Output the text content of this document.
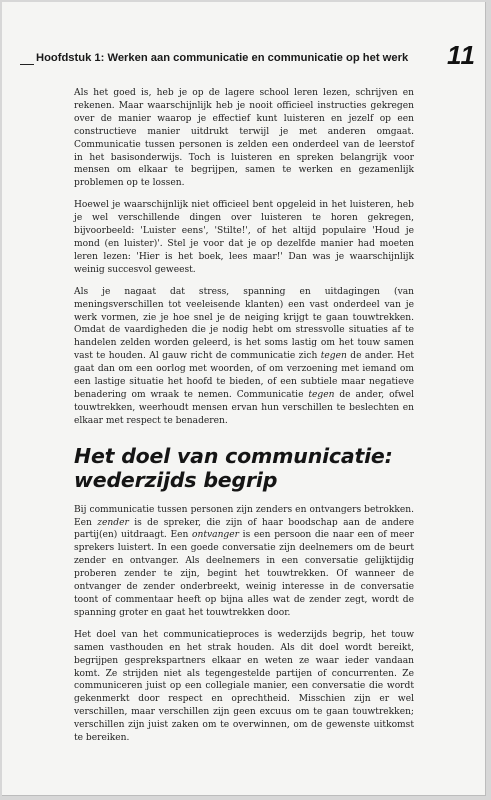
Hoofdstuk 1: Werken aan communicatie en communicatie op het werk 11

Als het goed is, heb je op de lagere school leren lezen, schrijven en rekenen. Maar waarschijnlijk heb je nooit officieel instructies gekregen over de manier waarop je effectief kunt luisteren en jezelf op een constructieve manier uitdrukt terwijl je met anderen omgaat. Communicatie tussen personen is zelden een onderdeel van de leerstof in het basisonderwijs. Toch is luisteren en spreken belangrijk voor mensen om elkaar te begrijpen, samen te werken en gezamenlijk problemen op te lossen.

Hoewel je waarschijnlijk niet officieel bent opgeleid in het luisteren, heb je wel verschillende dingen over luisteren te horen gekregen, bijvoorbeeld: 'Luister eens', 'Stilte!', of het altijd populaire 'Houd je mond (en luister)'. Stel je voor dat je op dezelfde manier had moeten leren lezen: 'Hier is het boek, lees maar!' Dan was je waarschijnlijk weinig succesvol geweest.

Als je nagaat dat stress, spanning en uitdagingen (van meningsverschillen tot veeleisende klanten) een vast onderdeel van je werk vormen, zie je hoe snel je de neiging krijgt te gaan touwtrekken. Omdat de vaardigheden die je nodig hebt om stressvolle situaties af te handelen zelden worden geleerd, is het soms lastig om het touw samen vast te houden. Al gauw richt de communicatie zich tegen de ander. Het gaat dan om een oorlog met woorden, of om verzoening met iemand om een lastige situatie het hoofd te bieden, of een subtiele maar negatieve benadering om wraak te nemen. Communicatie tegen de ander, ofwel touwtrekken, weerhoudt mensen ervan hun verschillen te beslechten en elkaar met respect te benaderen.

Het doel van communicatie: wederzijds begrip

Bij communicatie tussen personen zijn zenders en ontvangers betrokken. Een zender is de spreker, die zijn of haar boodschap aan de andere partij(en) uitdraagt. Een ontvanger is een persoon die naar een of meer sprekers luistert. In een goede conversatie zijn deelnemers om de beurt zender en ontvanger. Als deelnemers in een conversatie gelijktijdig proberen zender te zijn, begint het touwtrekken. Of wanneer de ontvanger de zender onderbreekt, weinig interesse in de conversatie toont of commentaar heeft op bijna alles wat de zender zegt, wordt de spanning groter en gaat het touwtrekken door.

Het doel van het communicatieproces is wederzijds begrip, het touw samen vasthouden en het strak houden. Als dit doel wordt bereikt, begrijpen gesprekspartners elkaar en weten ze waar ieder vandaan komt. Ze strijden niet als tegengestelde partijen of concurrenten. Ze communiceren juist op een collegiale manier, een conversatie die wordt gekenmerkt door respect en oprechtheid. Misschien zijn er wel verschillen, maar verschillen zijn geen excuus om te gaan touwtrekken; verschillen zijn juist zaken om te overwinnen, om de gewenste uitkomst te bereiken.
